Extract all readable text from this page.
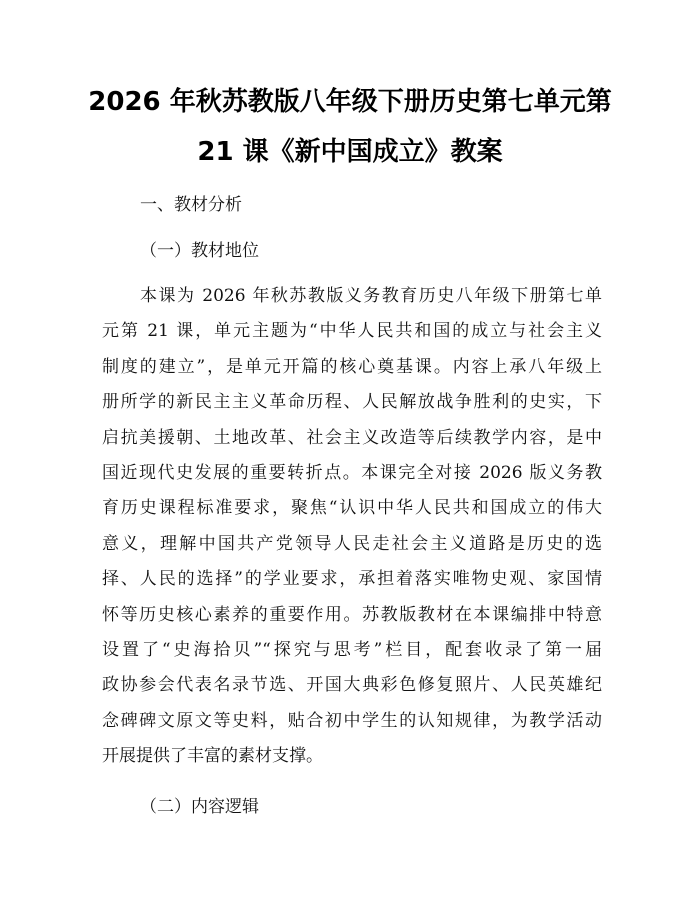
2026 年秋苏教版八年级下册历史第七单元第
21 课《新中国成立》教案
一、教材分析
（一）教材地位
本课为 2026 年秋苏教版义务教育历史八年级下册第七单
元第 21 课，单元主题为“中华人民共和国的成立与社会主义
制度的建立”，是单元开篇的核心奠基课。内容上承八年级上
册所学的新民主主义革命历程、人民解放战争胜利的史实，下
启抗美援朝、土地改革、社会主义改造等后续教学内容，是中
国近现代史发展的重要转折点。本课完全对接 2026 版义务教
育历史课程标准要求，聚焦“认识中华人民共和国成立的伟大
意义，理解中国共产党领导人民走社会主义道路是历史的选
择、人民的选择”的学业要求，承担着落实唯物史观、家国情
怀等历史核心素养的重要作用。苏教版教材在本课编排中特意
设置了“史海拾贝”“探究与思考”栏目，配套收录了第一届
政协参会代表名录节选、开国大典彩色修复照片、人民英雄纪
念碑碑文原文等史料，贴合初中学生的认知规律，为教学活动
开展提供了丰富的素材支撑。
（二）内容逻辑
